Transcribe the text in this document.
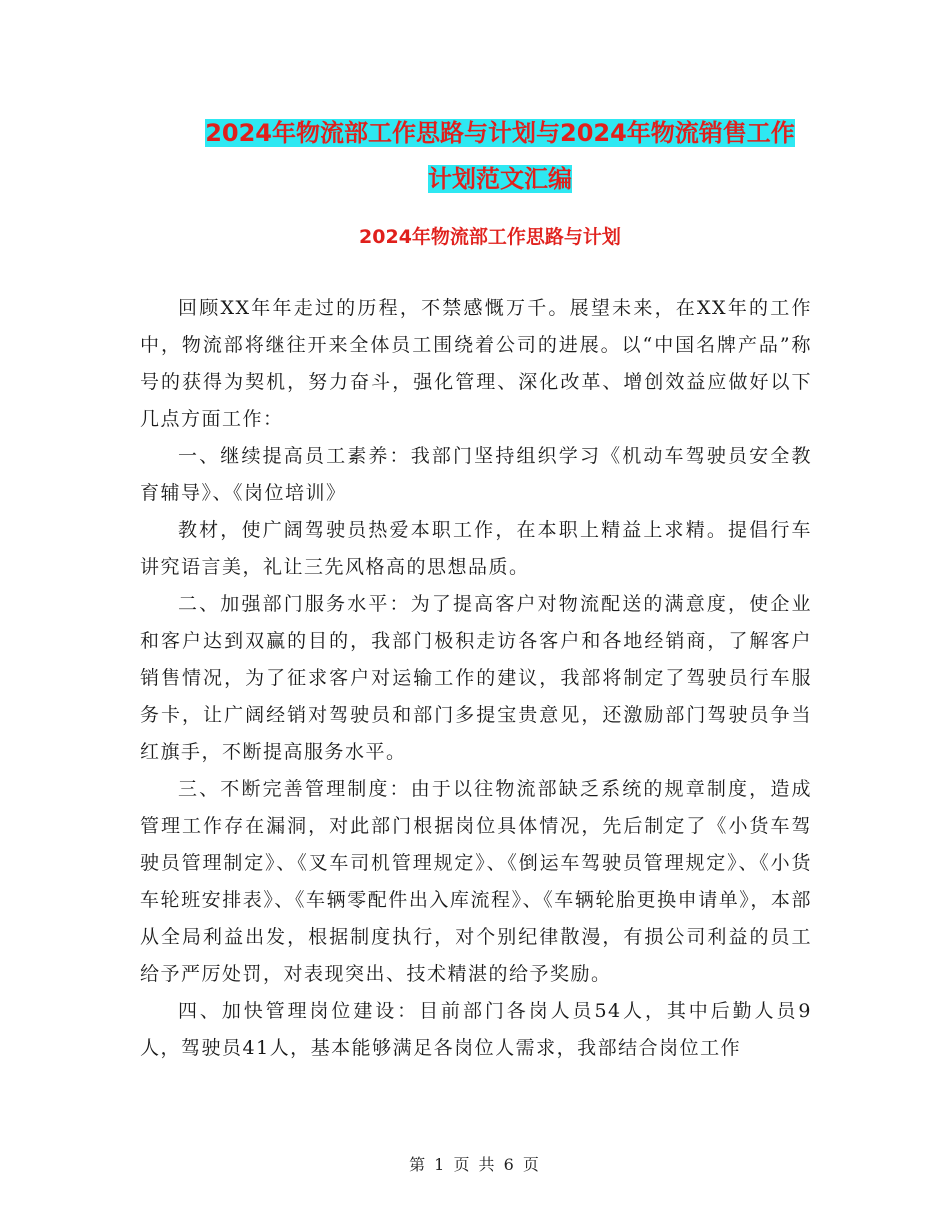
2024年物流部工作思路与计划与2024年物流销售工作
计划范文汇编
2024年物流部工作思路与计划

回顾XX年年走过的历程，不禁感慨万千。展望未来，在XX年的工作中，物流部将继往开来全体员工围绕着公司的进展。以“中国名牌产品”称号的获得为契机，努力奋斗，强化管理、深化改革、增创效益应做好以下几点方面工作：

一、继续提高员工素养：我部门坚持组织学习《机动车驾驶员安全教育辅导》、《岗位培训》

教材，使广阔驾驶员热爱本职工作，在本职上精益上求精。提倡行车讲究语言美，礼让三先风格高的思想品质。

二、加强部门服务水平：为了提高客户对物流配送的满意度，使企业和客户达到双赢的目的，我部门极积走访各客户和各地经销商，了解客户销售情况，为了征求客户对运输工作的建议，我部将制定了驾驶员行车服务卡，让广阔经销对驾驶员和部门多提宝贵意见，还激励部门驾驶员争当红旗手，不断提高服务水平。

三、不断完善管理制度：由于以往物流部缺乏系统的规章制度，造成管理工作存在漏洞，对此部门根据岗位具体情况，先后制定了《小货车驾驶员管理制定》、《叉车司机管理规定》、《倒运车驾驶员管理规定》、《小货车轮班安排表》、《车辆零配件出入库流程》、《车辆轮胎更换申请单》，本部从全局利益出发，根据制度执行，对个别纪律散漫，有损公司利益的员工给予严厉处罚，对表现突出、技术精湛的给予奖励。

四、加快管理岗位建设：目前部门各岗人员54人，其中后勤人员9人，驾驶员41人，基本能够满足各岗位人需求，我部结合岗位工作

第 1 页 共 6 页
